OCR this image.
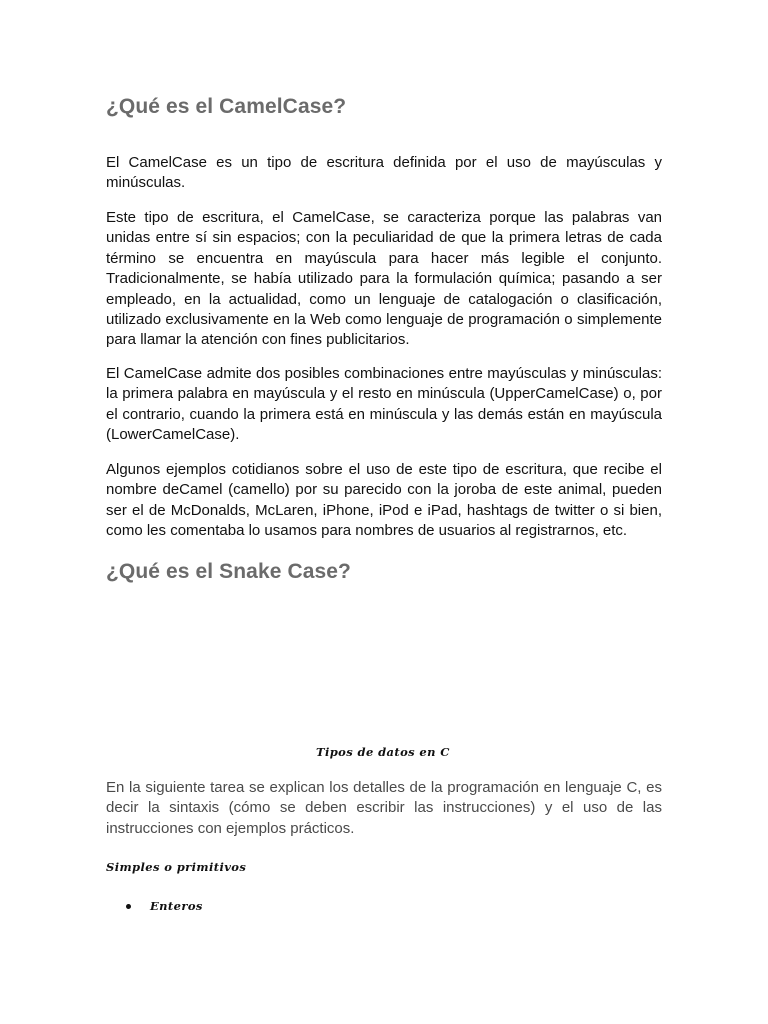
¿Qué es el CamelCase?

El CamelCase es un tipo de escritura definida por el uso de mayúsculas y minúsculas.

Este tipo de escritura, el CamelCase, se caracteriza porque las palabras van unidas entre sí sin espacios; con la peculiaridad de que la primera letras de cada término se encuentra en mayúscula para hacer más legible el conjunto. Tradicionalmente, se había utilizado para la formulación química; pasando a ser empleado, en la actualidad, como un lenguaje de catalogación o clasificación, utilizado exclusivamente en la Web como lenguaje de programación o simplemente para llamar la atención con fines publicitarios.

El CamelCase admite dos posibles combinaciones entre mayúsculas y minúsculas: la primera palabra en mayúscula y el resto en minúscula (UpperCamelCase) o, por el contrario, cuando la primera está en minúscula y las demás están en mayúscula (LowerCamelCase).

Algunos ejemplos cotidianos sobre el uso de este tipo de escritura, que recibe el nombre deCamel (camello) por su parecido con la joroba de este animal, pueden ser el de McDonalds, McLaren, iPhone, iPod e iPad, hashtags de twitter o si bien, como les comentaba lo usamos para nombres de usuarios al registrarnos, etc.

¿Qué es el Snake Case?

Tipos de datos en C

En la siguiente tarea se explican los detalles de la programación en lenguaje C, es decir la sintaxis (cómo se deben escribir las instrucciones) y el uso de las instrucciones con ejemplos prácticos.

Simples o primitivos

Enteros
